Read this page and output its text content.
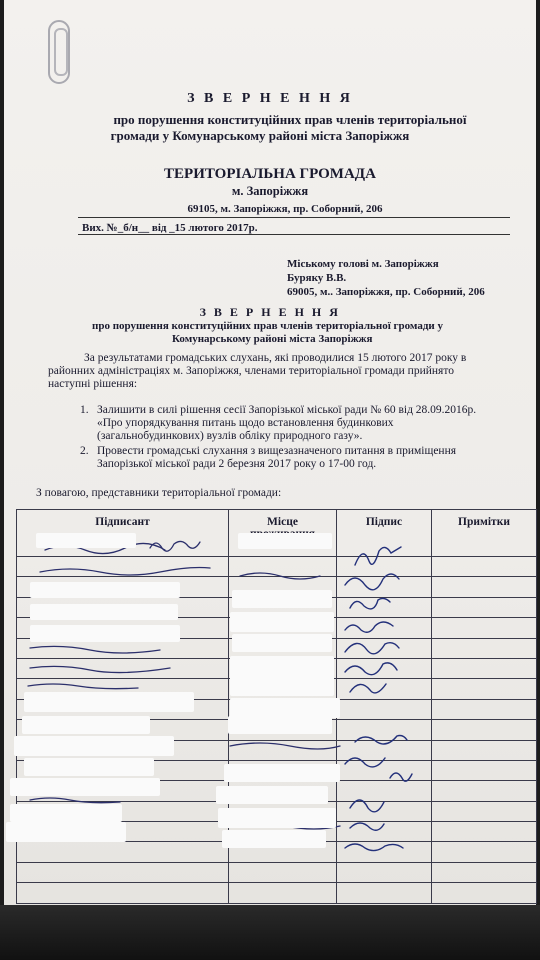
З В Е Р Н Е Н Н Я
про порушення конституційних прав членів територіальної
громади у Комунарському районі міста Запоріжжя
ТЕРИТОРІАЛЬНА ГРОМАДА
м. Запоріжжя
69105, м. Запоріжжя, пр. Соборний, 206
Вих. №_б/н__ від _15 лютого 2017р.
Міському голові м. Запоріжжя
Буряку В.В.
69005, м.. Запоріжжя, пр. Соборний, 206
З В Е Р Н Е Н Н Я
про порушення конституційних прав членів територіальної громади у
Комунарському районі міста Запоріжжя
За результатами громадських слухань, які проводилися 15 лютого 2017 року в
районних адміністраціях м. Запоріжжя, членами територіальної громади прийнято
наступні рішення:
1. Залишити в силі рішення сесії Запорізької міської ради № 60 від 28.09.2016р.
«Про упорядкування питань щодо встановлення будинкових
(загальнобудинкових) вузлів обліку природного газу».
2. Провести громадські слухання з вищезазначеного питання в приміщення
Запорізької міської ради 2 березня 2017 року о 17-00 год.
З повагою, представники територіальної громади:
Підписант	Місце	Підпис	Примітки
